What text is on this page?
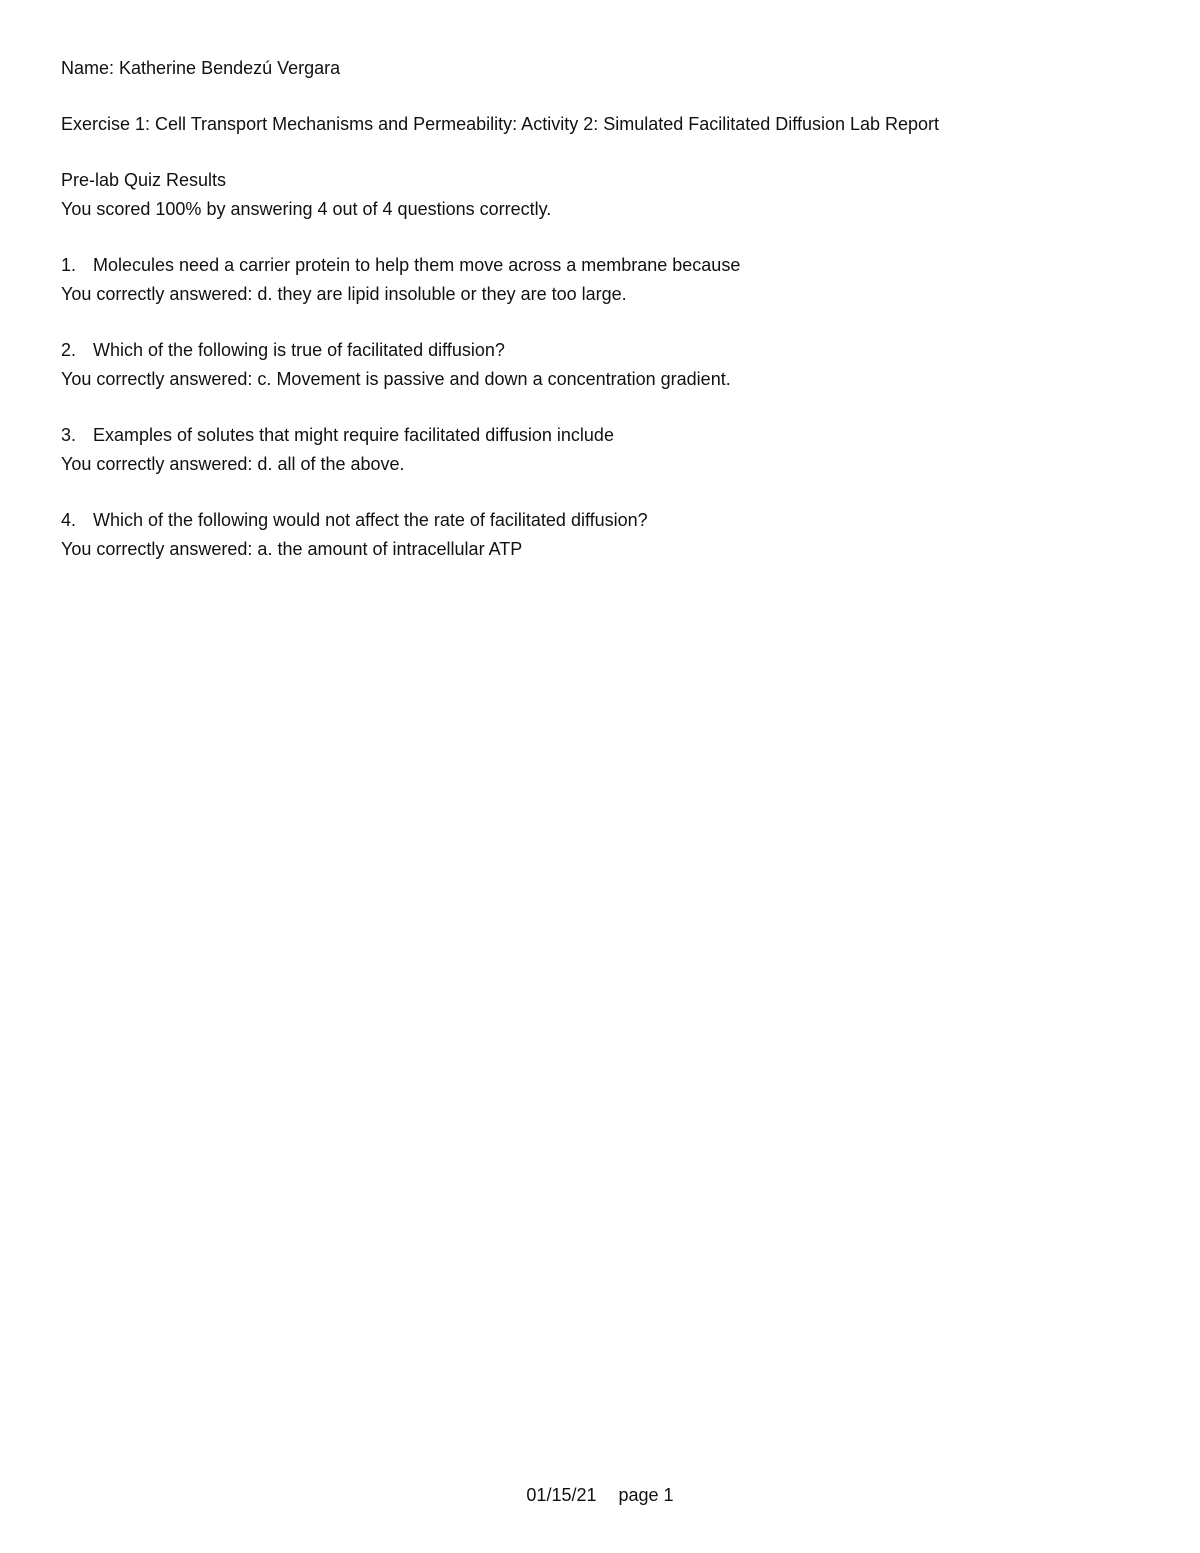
Name: Katherine Bendezú Vergara

Exercise 1: Cell Transport Mechanisms and Permeability: Activity 2: Simulated Facilitated Diffusion Lab Report

Pre-lab Quiz Results

You scored 100% by answering 4 out of 4 questions correctly.

1. Molecules need a carrier protein to help them move across a membrane because

You correctly answered: d. they are lipid insoluble or they are too large.

2. Which of the following is true of facilitated diffusion?

You correctly answered: c. Movement is passive and down a concentration gradient.

3. Examples of solutes that might require facilitated diffusion include

You correctly answered: d. all of the above.

4. Which of the following would not affect the rate of facilitated diffusion?

You correctly answered: a. the amount of intracellular ATP

01/15/21 page 1
